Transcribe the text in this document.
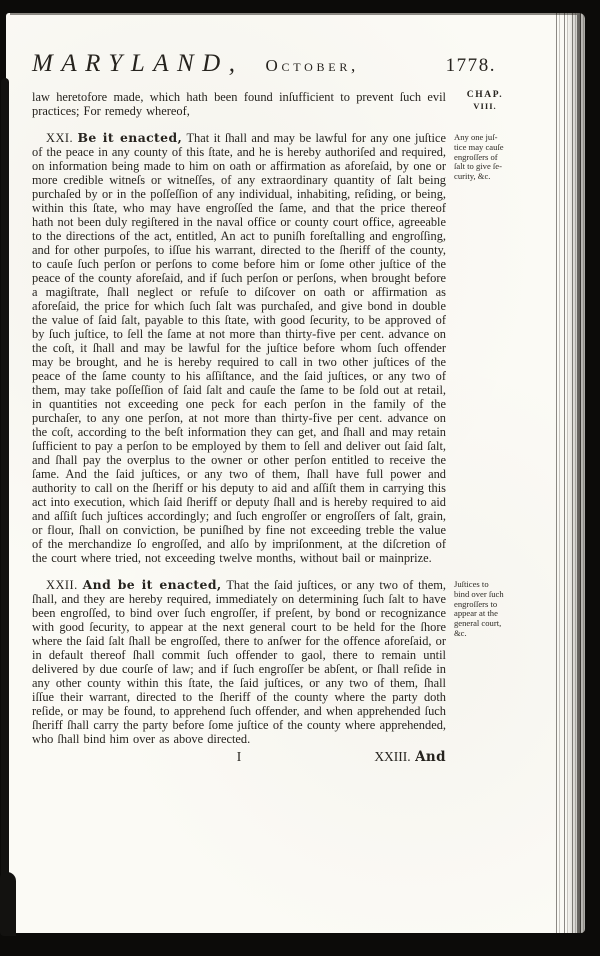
MARYLAND, October,	1778.
law heretofore made, which hath been found inſufficient to prevent ſuch evil practices; For remedy whereof,
CHAP.
VIII.
XXI. Be it enacted, That it ſhall and may be lawful for any one juſtice of the peace in any county of this ſtate, and he is hereby authoriſed and required, on information being made to him on oath or affirmation as aforeſaid, by one or more credible witneſs or witneſſes, of any extraordinary quantity of ſalt being purchaſed by or in the poſſeſſion of any individual, inhabiting, reſiding, or being, within this ſtate, who may have engroſſed the ſame, and that the price thereof hath not been duly regiſtered in the naval office or county court office, agreeable to the directions of the act, entitled, An act to puniſh foreſtalling and engroſſing, and for other purpoſes, to iſſue his warrant, directed to the ſheriff of the county, to cauſe ſuch perſon or perſons to come before him or ſome other juſtice of the peace of the county aforeſaid, and if ſuch perſon or perſons, when brought before a magiſtrate, ſhall neglect or refuſe to diſcover on oath or affirmation as aforeſaid, the price for which ſuch ſalt was purchaſed, and give bond in double the value of ſaid ſalt, payable to this ſtate, with good ſecurity, to be approved of by ſuch juſtice, to ſell the ſame at not more than thirty-five per cent. advance on the coſt, it ſhall and may be lawful for the juſtice before whom ſuch offender may be brought, and he is hereby required to call in two other juſtices of the peace of the ſame county to his aſſiſtance, and the ſaid juſtices, or any two of them, may take poſſeſſion of ſaid ſalt and cauſe the ſame to be ſold out at retail, in quantities not exceeding one peck for each perſon in the family of the purchaſer, to any one perſon, at not more than thirty-five per cent. advance on the coſt, according to the beſt information they can get, and ſhall and may retain ſufficient to pay a perſon to be employed by them to ſell and deliver out ſaid ſalt, and ſhall pay the overplus to the owner or other perſon entitled to receive the ſame. And the ſaid juſtices, or any two of them, ſhall have full power and authority to call on the ſheriff or his deputy to aid and aſſiſt them in carrying this act into execution, which ſaid ſheriff or deputy ſhall and is hereby required to aid and aſſiſt ſuch juſtices accordingly; and ſuch engroſſer or engroſſers of ſalt, grain, or flour, ſhall on conviction, be puniſhed by fine not exceeding treble the value of the merchandize ſo engroſſed, and alſo by impriſonment, at the diſcretion of the court where tried, not exceeding twelve months, without bail or mainprize.
Any one juſ-
tice may cauſe
engroſſers of
ſalt to give ſe-
curity, &c.
XXII. And be it enacted, That the ſaid juſtices, or any two of them, ſhall, and they are hereby required, immediately on determining ſuch ſalt to have been engroſſed, to bind over ſuch engroſſer, if preſent, by bond or recognizance with good ſecurity, to appear at the next general court to be held for the ſhore where the ſaid ſalt ſhall be engroſſed, there to anſwer for the offence aforeſaid, or in default thereof ſhall commit ſuch offender to gaol, there to remain until delivered by due courſe of law; and if ſuch engroſſer be abſent, or ſhall reſide in any other county within this ſtate, the ſaid juſtices, or any two of them, ſhall iſſue their warrant, directed to the ſheriff of the county where the party doth reſide, or may be found, to apprehend ſuch offender, and when apprehended ſuch ſheriff ſhall carry the party before ſome juſtice of the county where apprehended, who ſhall bind him over as above directed.
Juſtices to
bind over ſuch
engroſſers to
appear at the
general court,
&c.
I	XXIII. And
